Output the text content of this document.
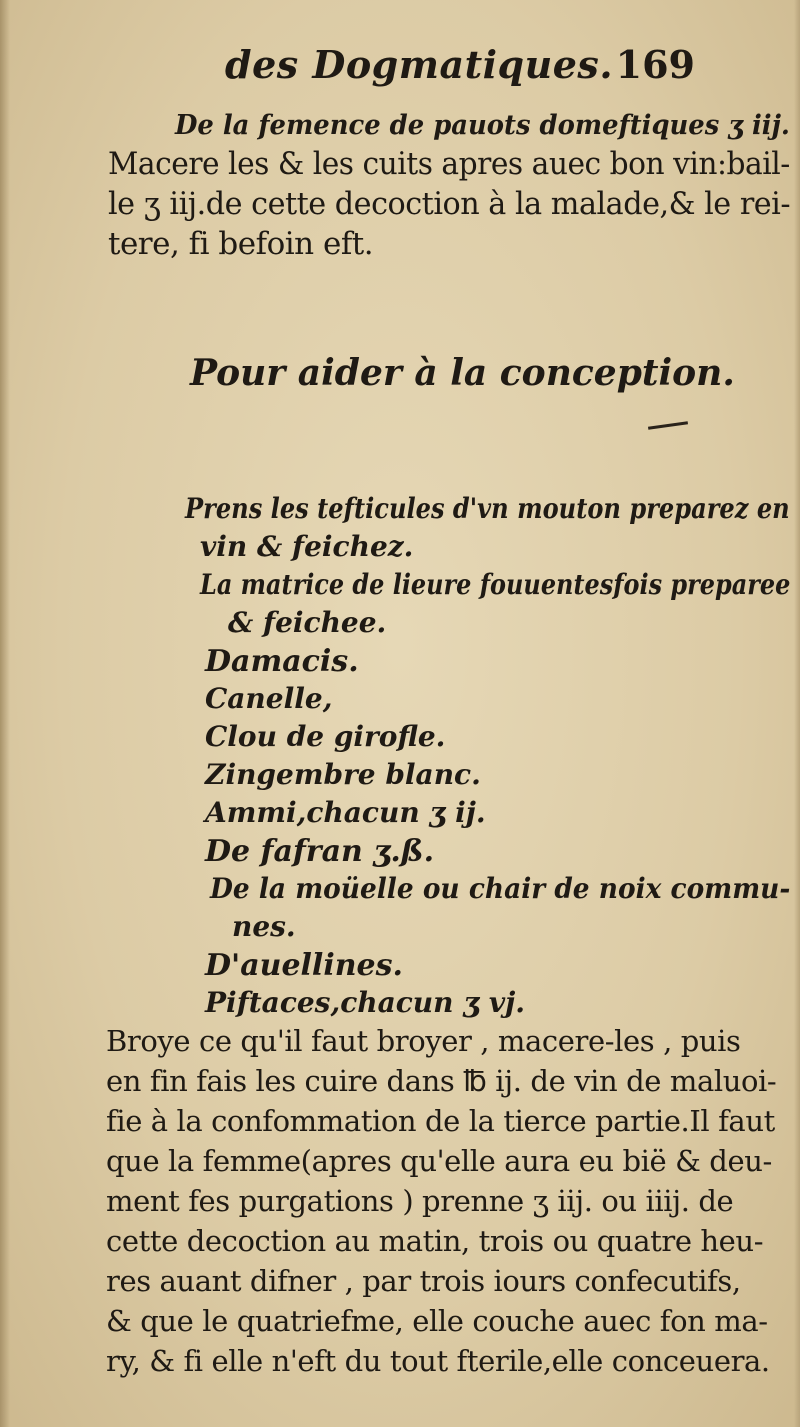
des Dogmatiques. 169
De la femence de pauots domeftiques ʒ iij.
Macere les & les cuits apres auec bon vin:bail-
le ʒ iij.de cette decoction à la malade,& le rei-
tere, fi befoin eft.
Pour aider à la conception.
Prens les tefticules d'vn mouton preparez en
vin & feichez.
La matrice de lieure fouuentesfois preparee
& feichee.
Damacis.
Canelle,
Clou de girofle.
Zingembre blanc.
Ammi,chacun ʒ ij.
De fafran ʒ.ß.
De la moüelle ou chair de noix commu-
nes.
D'auellines.
Piftaces,chacun ʒ vj.
Broye ce qu'il faut broyer , macere-les , puis
en fin fais les cuire dans ℔ ij. de vin de maluoi-
fie à la confommation de la tierce partie.Il faut
que la femme(apres qu'elle aura eu bië & deu-
ment fes purgations ) prenne ʒ iij. ou iiij. de
cette decoction au matin, trois ou quatre heu-
res auant difner , par trois iours confecutifs,
& que le quatriefme, elle couche auec fon ma-
ry, & fi elle n'eft du tout fterile,elle conceuera.
